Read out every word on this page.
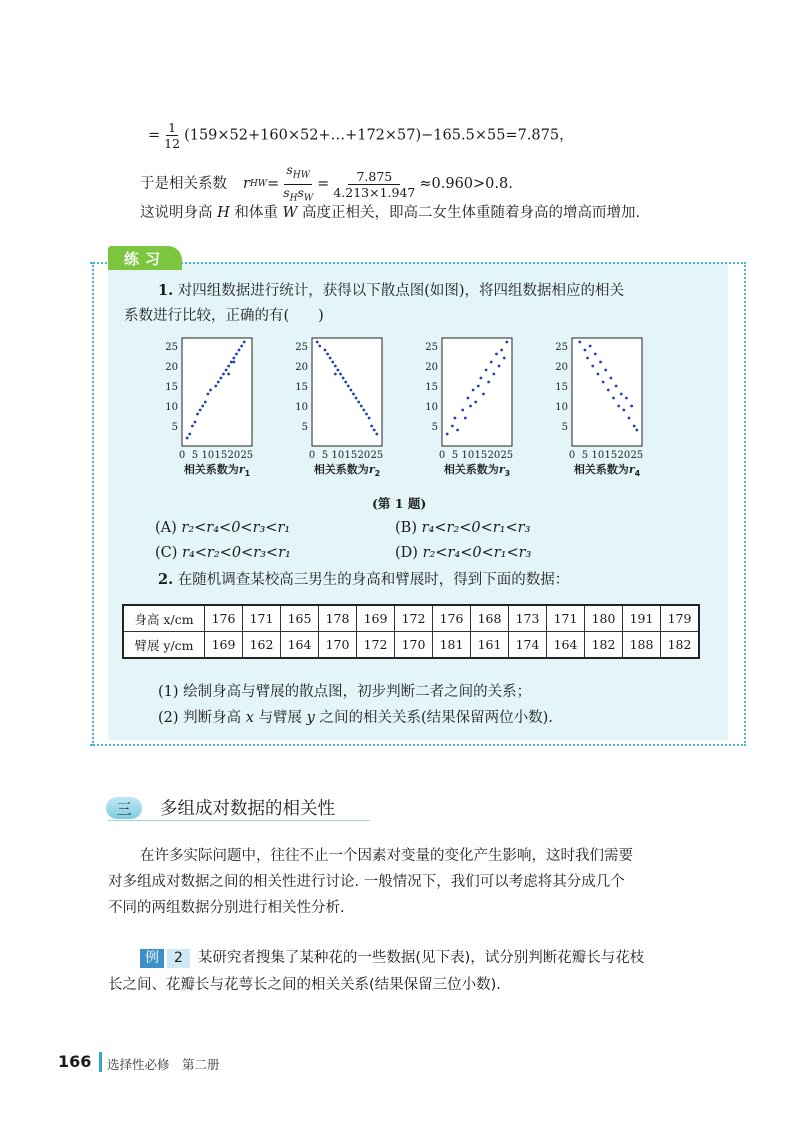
= $\frac{1}{12}$ (159×52+160×52+…+172×57)−165.5×55=7.875，
于是相关系数 r HW = $\frac{s_{HW}}{s_Hs_W} = \frac{7.875}{4.213\times 1.947} \approx 0.960>0.8$.
这说明身高 H 和体重 W 高度正相关，即高二女生体重随着身高的增高而增加.
练习
1. 对四组数据进行统计，获得以下散点图(如图)，将四组数据相应的相关
系数进行比较，正确的有(　　)
5
10
15
20
25
0 5 10 15 20 25
相关系数为$r_1$
5
10
15
20
25
0 5 10 15 20 25
相关系数为$r_2$
5
10
15
20
25
0 5 10 15 20 25
相关系数为$r_3$
5
10
15
20
25
0 5 10 15 20 25
相关系数为$r_4$
(第 1 题)
(A) r₂<r₄<0<r₃<r₁	(B) r₄<r₂<0<r₁<r₃
(C) r₄<r₂<0<r₃<r₁	(D) r₂<r₄<0<r₁<r₃
2. 在随机调查某校高三男生的身高和臂展时，得到下面的数据：
身高 x/cm	176	171	165	178	169	172	176	168	173	171	180	191	179
臂展 y/cm	169	162	164	170	172	170	181	161	174	164	182	188	182
(1) 绘制身高与臂展的散点图，初步判断二者之间的关系；
(2) 判断身高 x 与臂展 y 之间的相关关系(结果保留两位小数).
三	多组成对数据的相关性
在许多实际问题中，往往不止一个因素对变量的变化产生影响，这时我们需要
对多组成对数据之间的相关性进行讨论. 一般情况下，我们可以考虑将其分成几个
不同的两组数据分别进行相关性分析.
例 2 某研究者搜集了某种花的一些数据(见下表)，试分别判断花瓣长与花枝
长之间、花瓣长与花萼长之间的相关关系(结果保留三位小数).
166 选择性必修　第二册
